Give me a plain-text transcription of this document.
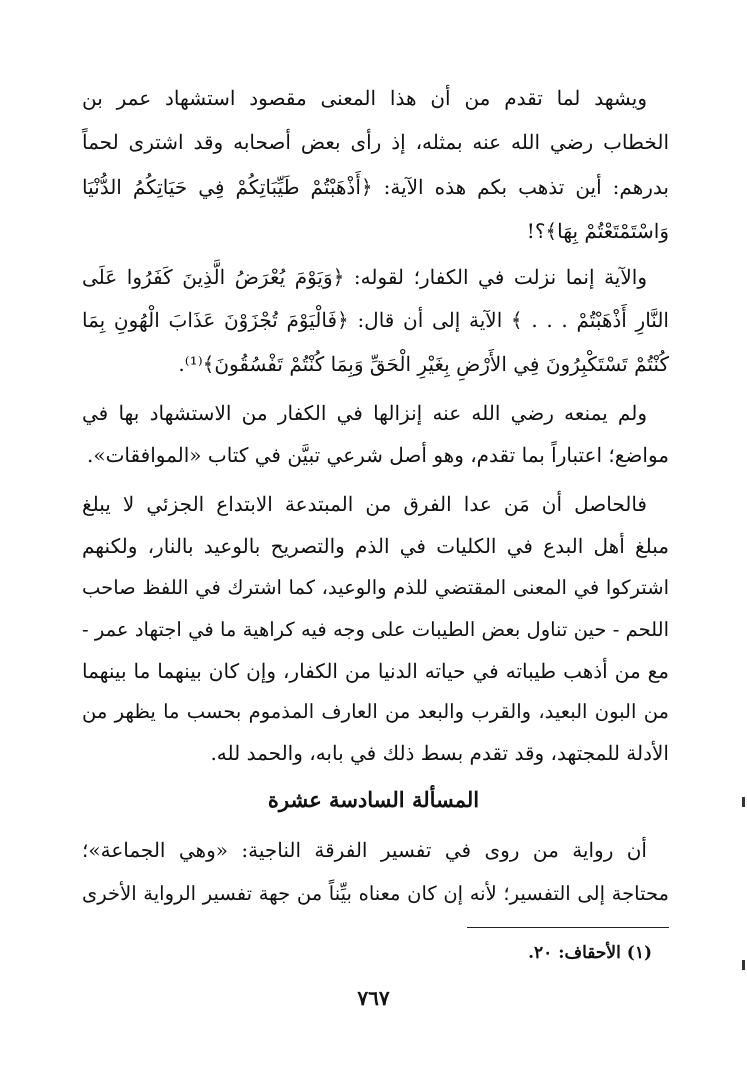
ويشهد لما تقدم من أن هذا المعنى مقصود استشهاد عمر بن
الخطاب رضي الله عنه بمثله، إذ رأى بعض أصحابه وقد اشترى لحماً
بدرهم: أين تذهب بكم هذه الآية: ﴿أَذْهَبْتُمْ طَيِّبَاتِكُمْ فِي حَيَاتِكُمُ الدُّنْيَا
وَاسْتَمْتَعْتُمْ بِهَا﴾؟!
والآية إنما نزلت في الكفار؛ لقوله: ﴿وَيَوْمَ يُعْرَضُ الَّذِينَ كَفَرُوا عَلَى
النَّارِ أَذْهَبْتُمْ . . . ﴾ الآية إلى أن قال: ﴿فَالْيَوْمَ تُجْزَوْنَ عَذَابَ الْهُونِ بِمَا
كُنْتُمْ تَسْتَكْبِرُونَ فِي الأَرْضِ بِغَيْرِ الْحَقِّ وَبِمَا كُنْتُمْ تَفْسُقُونَ﴾⁽¹⁾.
ولم يمنعه رضي الله عنه إنزالها في الكفار من الاستشهاد بها في
مواضع؛ اعتباراً بما تقدم، وهو أصل شرعي تبيَّن في كتاب «الموافقات».
فالحاصل أن مَن عدا الفرق من المبتدعة الابتداع الجزئي لا يبلغ
مبلغ أهل البدع في الكليات في الذم والتصريح بالوعيد بالنار، ولكنهم
اشتركوا في المعنى المقتضي للذم والوعيد، كما اشترك في اللفظ صاحب
اللحم - حين تناول بعض الطيبات على وجه فيه كراهية ما في اجتهاد عمر -
مع من أذهب طيباته في حياته الدنيا من الكفار، وإن كان بينهما ما بينهما
من البون البعيد، والقرب والبعد من العارف المذموم بحسب ما يظهر من
الأدلة للمجتهد، وقد تقدم بسط ذلك في بابه، والحمد لله.
المسألة السادسة عشرة
أن رواية من روى في تفسير الفرقة الناجية: «وهي الجماعة»؛
محتاجة إلى التفسير؛ لأنه إن كان معناه بيِّناً من جهة تفسير الرواية الأخرى
(١) الأحقاف: ٢٠.
٧٦٧
